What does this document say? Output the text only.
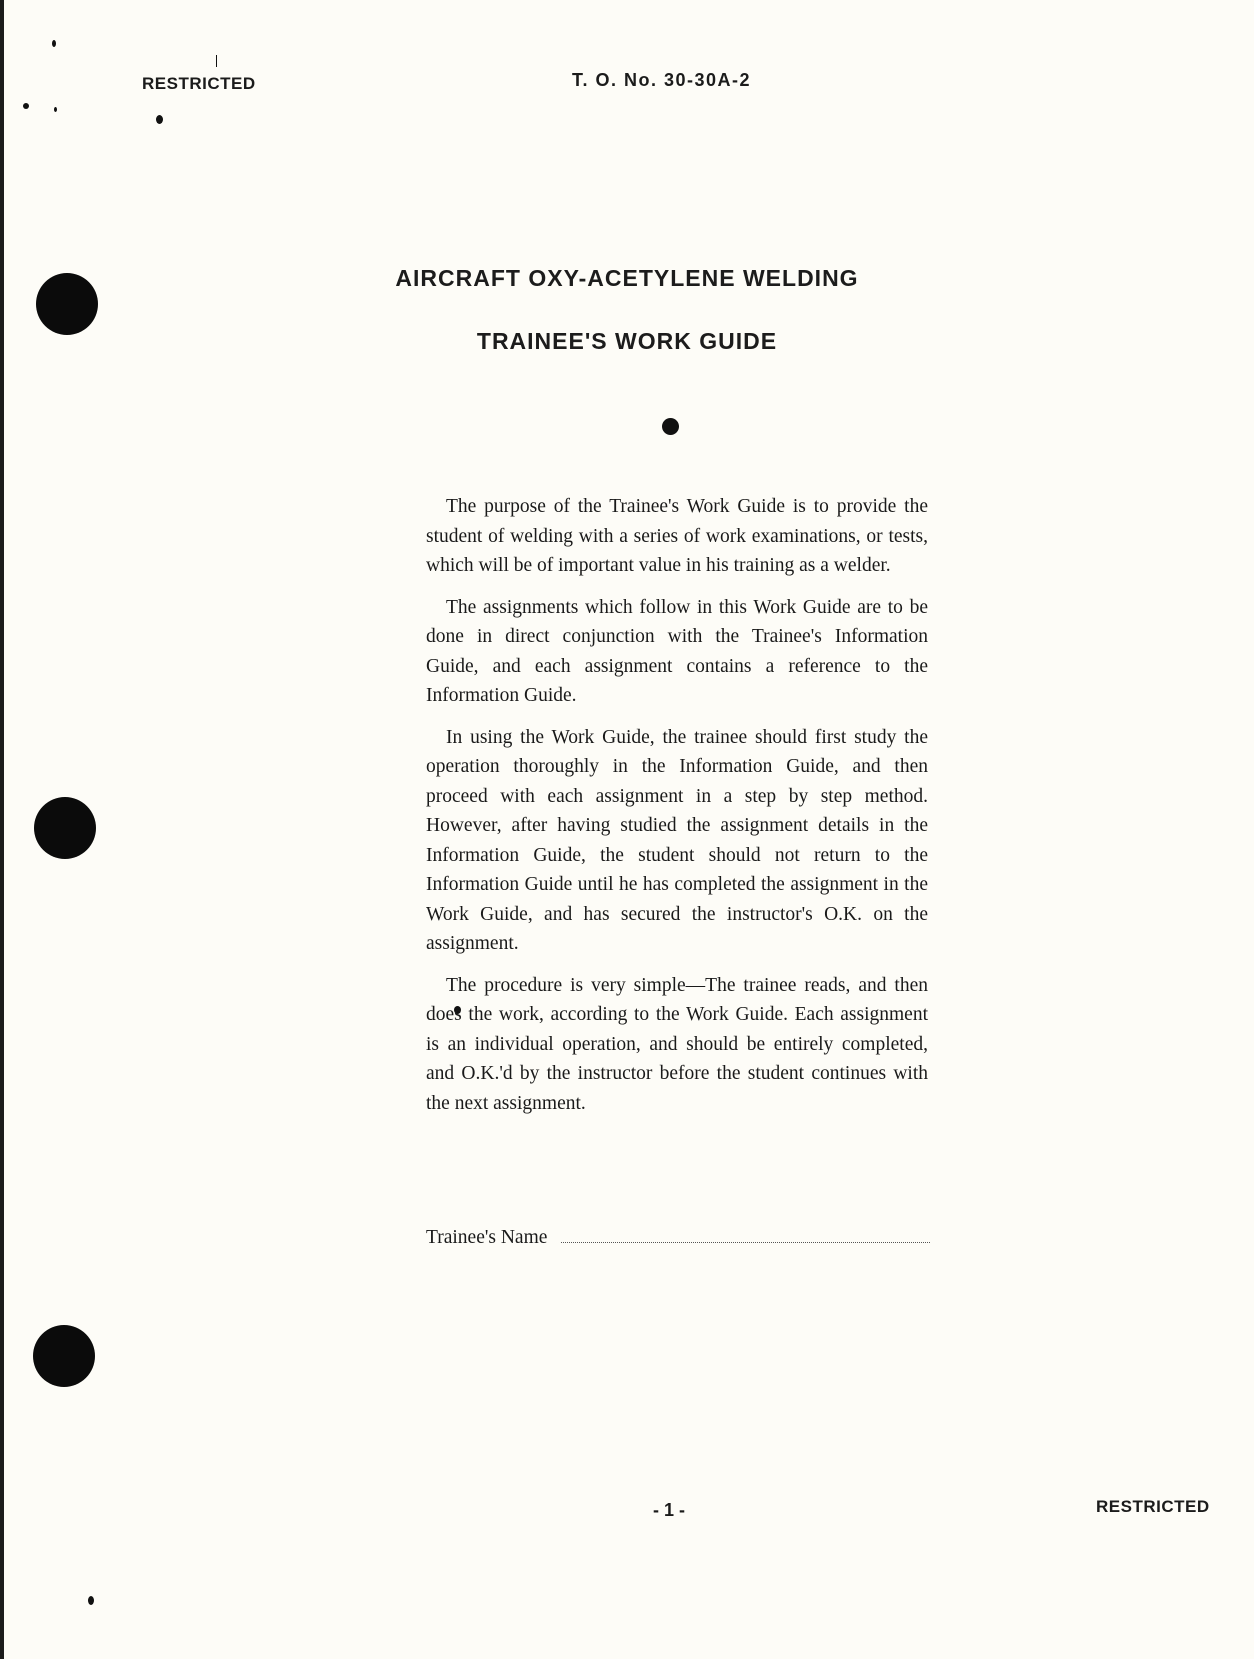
RESTRICTED	T. O. No. 30-30A-2
AIRCRAFT OXY-ACETYLENE WELDING
TRAINEE'S WORK GUIDE

The purpose of the Trainee's Work Guide is to provide the student of welding with a series of work examinations, or tests, which will be of important value in his training as a welder.

The assignments which follow in this Work Guide are to be done in direct conjunction with the Trainee's Information Guide, and each assignment contains a reference to the Information Guide.

In using the Work Guide, the trainee should first study the operation thoroughly in the Information Guide, and then proceed with each assignment in a step by step method. However, after having studied the assignment details in the Information Guide, the student should not return to the Information Guide until he has completed the assignment in the Work Guide, and has secured the instructor's O.K. on the assignment.

The procedure is very simple—The trainee reads, and then does the work, according to the Work Guide. Each assignment is an individual operation, and should be entirely completed, and O.K.'d by the instructor before the student continues with the next assignment.

Trainee's Name

- 1 -	RESTRICTED
